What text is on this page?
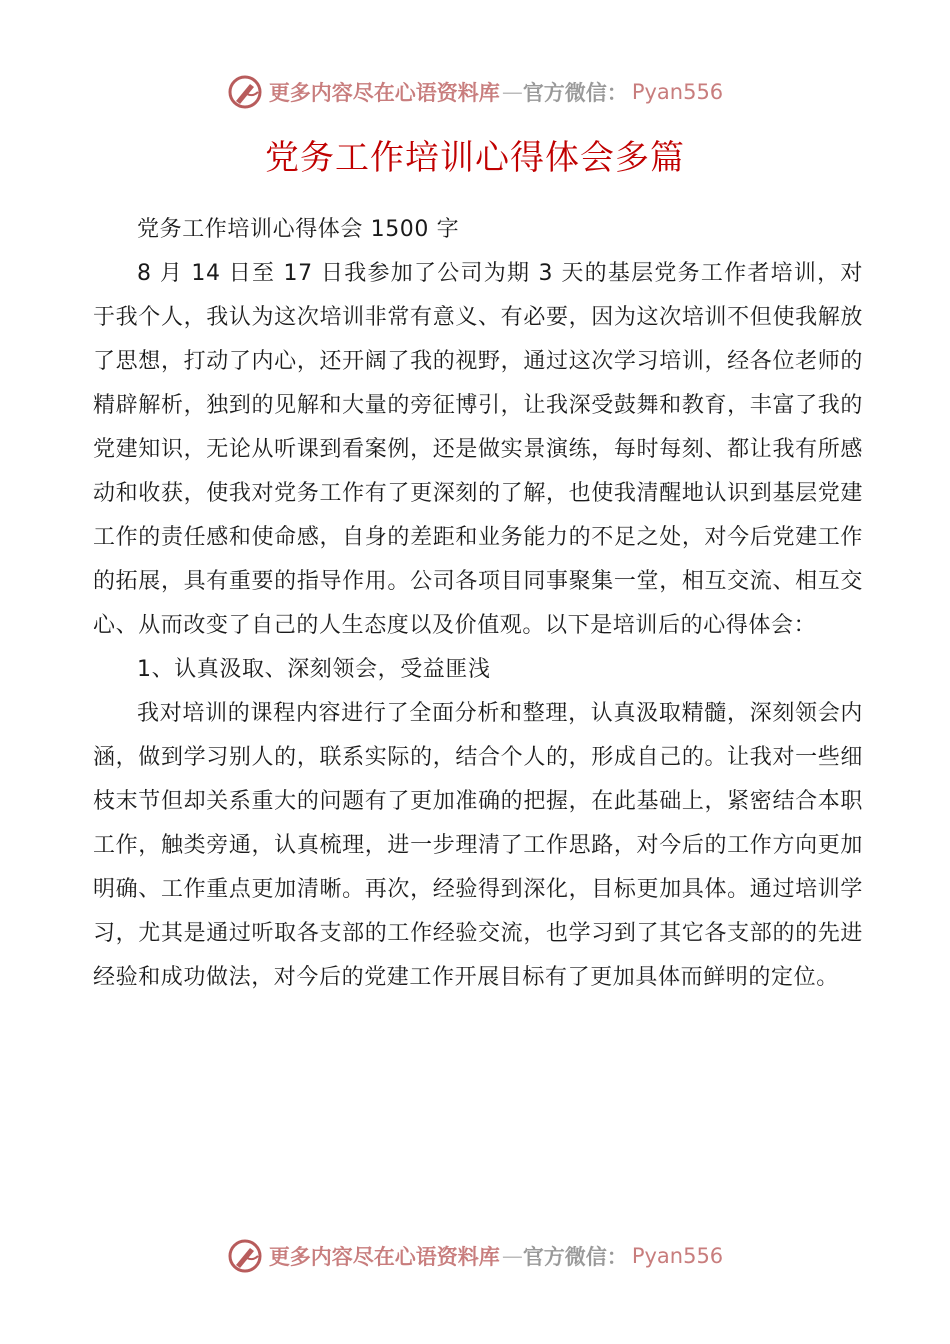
更多内容尽在心语资料库 — 官方微信： Pyan556
党务工作培训心得体会多篇

党务工作培训心得体会 1500 字

8 月 14 日至 17 日我参加了公司为期 3 天的基层党务工作者培训，对于我个人，我认为这次培训非常有意义、有必要，因为这次培训不但使我解放了思想，打动了内心，还开阔了我的视野，通过这次学习培训，经各位老师的精辟解析，独到的见解和大量的旁征博引，让我深受鼓舞和教育，丰富了我的党建知识，无论从听课到看案例，还是做实景演练，每时每刻、都让我有所感动和收获，使我对党务工作有了更深刻的了解，也使我清醒地认识到基层党建工作的责任感和使命感，自身的差距和业务能力的不足之处，对今后党建工作的拓展，具有重要的指导作用。公司各项目同事聚集一堂，相互交流、相互交心、从而改变了自己的人生态度以及价值观。以下是培训后的心得体会：

1、认真汲取、深刻领会，受益匪浅

我对培训的课程内容进行了全面分析和整理，认真汲取精髓，深刻领会内涵，做到学习别人的，联系实际的，结合个人的，形成自己的。让我对一些细枝末节但却关系重大的问题有了更加准确的把握，在此基础上，紧密结合本职工作，触类旁通，认真梳理，进一步理清了工作思路，对今后的工作方向更加明确、工作重点更加清晰。再次，经验得到深化，目标更加具体。通过培训学习，尤其是通过听取各支部的工作经验交流，也学习到了其它各支部的的先进经验和成功做法，对今后的党建工作开展目标有了更加具体而鲜明的定位。

更多内容尽在心语资料库 — 官方微信： Pyan556
